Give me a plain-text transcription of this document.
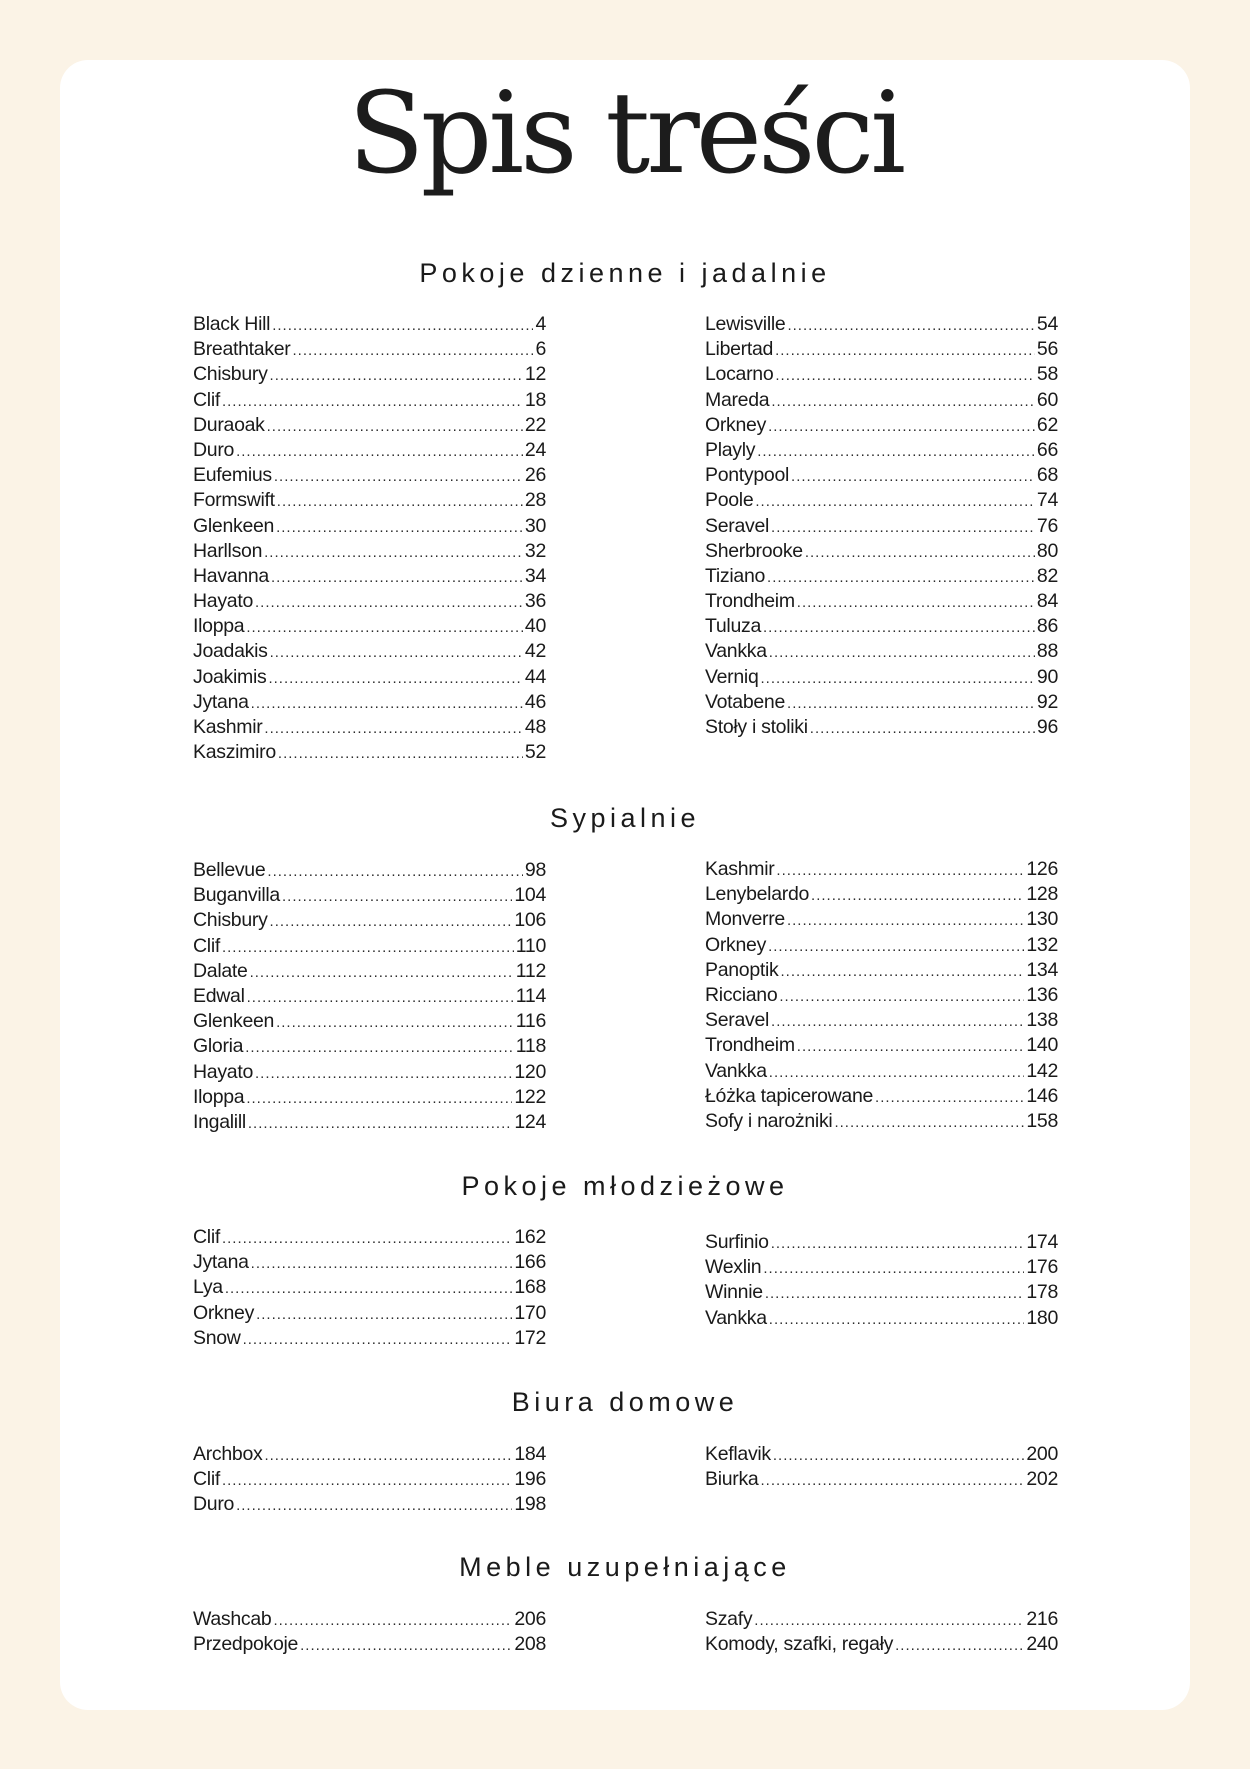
Spis treści
Pokoje dzienne i jadalnie
Black Hill .....	4
Breathtaker .....	6
Chisbury .....	12
Clif .....	18
Duraoak .....	22
Duro .....	24
Eufemius .....	26
Formswift .....	28
Glenkeen .....	30
Harllson .....	32
Havanna .....	34
Hayato .....	36
Iloppa .....	40
Joadakis .....	42
Joakimis .....	44
Jytana .....	46
Kashmir .....	48
Kaszimiro .....	52
Lewisville .....	54
Libertad .....	56
Locarno .....	58
Mareda .....	60
Orkney .....	62
Playly .....	66
Pontypool .....	68
Poole .....	74
Seravel .....	76
Sherbrooke .....	80
Tiziano .....	82
Trondheim .....	84
Tuluza .....	86
Vankka .....	88
Verniq .....	90
Votabene .....	92
Stoły i stoliki .....	96
Sypialnie
Bellevue .....	98
Buganvilla .....	104
Chisbury .....	106
Clif .....	110
Dalate .....	112
Edwal .....	114
Glenkeen .....	116
Gloria .....	118
Hayato .....	120
Iloppa .....	122
Ingalill .....	124
Kashmir .....	126
Lenybelardo .....	128
Monverre .....	130
Orkney .....	132
Panoptik .....	134
Ricciano .....	136
Seravel .....	138
Trondheim .....	140
Vankka .....	142
Łóżka tapicerowane .....	146
Sofy i narożniki .....	158
Pokoje młodzieżowe
Clif .....	162
Jytana .....	166
Lya .....	168
Orkney .....	170
Snow .....	172
Surfinio .....	174
Wexlin .....	176
Winnie .....	178
Vankka .....	180
Biura domowe
Archbox .....	184
Clif .....	196
Duro .....	198
Keflavik .....	200
Biurka .....	202
Meble uzupełniające
Washcab .....	206
Przedpokoje .....	208
Szafy .....	216
Komody, szafki, regały .....	240
